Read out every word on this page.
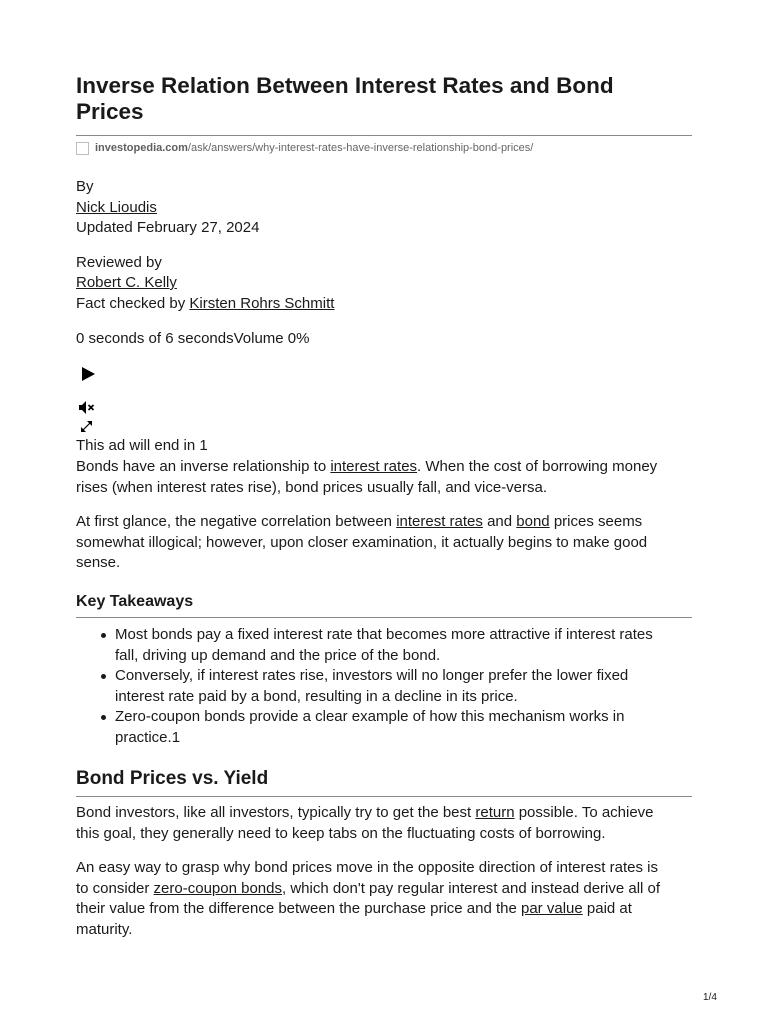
Inverse Relation Between Interest Rates and Bond
Prices
investopedia.com /ask/answers/why-interest-rates-have-inverse-relationship-bond-prices/
By
Nick Lioudis
Updated February 27, 2024
Reviewed by
Robert C. Kelly
Fact checked by Kirsten Rohrs Schmitt
0 seconds of 6 secondsVolume 0%
This ad will end in 1
Bonds have an inverse relationship to interest rates. When the cost of borrowing money
rises (when interest rates rise), bond prices usually fall, and vice-versa.
At first glance, the negative correlation between interest rates and bond prices seems
somewhat illogical; however, upon closer examination, it actually begins to make good
sense.
Key Takeaways
Most bonds pay a fixed interest rate that becomes more attractive if interest rates
fall, driving up demand and the price of the bond.
Conversely, if interest rates rise, investors will no longer prefer the lower fixed
interest rate paid by a bond, resulting in a decline in its price.
Zero-coupon bonds provide a clear example of how this mechanism works in
practice.1
Bond Prices vs. Yield
Bond investors, like all investors, typically try to get the best return possible. To achieve
this goal, they generally need to keep tabs on the fluctuating costs of borrowing.
An easy way to grasp why bond prices move in the opposite direction of interest rates is
to consider zero-coupon bonds, which don't pay regular interest and instead derive all of
their value from the difference between the purchase price and the par value paid at
maturity.
1/4
